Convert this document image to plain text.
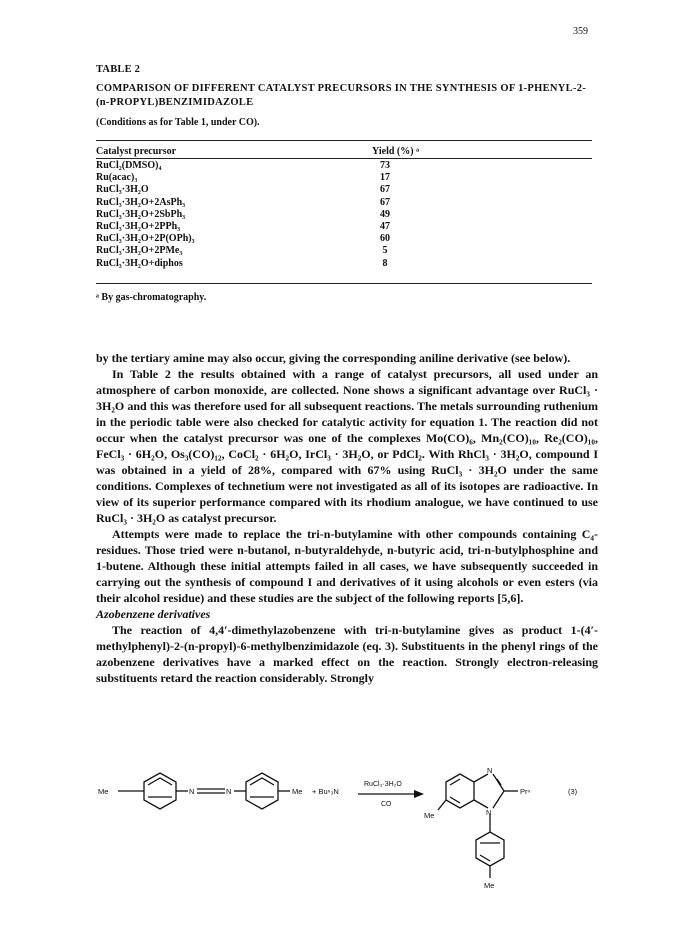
359
TABLE 2
COMPARISON OF DIFFERENT CATALYST PRECURSORS IN THE SYNTHESIS OF 1-PHENYL-2-(n-PROPYL)BENZIMIDAZOLE
(Conditions as for Table 1, under CO).
Catalyst precursor	Yield (%) ᵃ
RuCl₂(DMSO)₄	73
Ru(acac)₃	17
RuCl₃·3H₂O	67
RuCl₃·3H₂O+2AsPh₃	67
RuCl₃·3H₂O+2SbPh₃	49
RuCl₃·3H₂O+2PPh₃	47
RuCl₃·3H₂O+2P(OPh)₃	60
RuCl₃·3H₂O+2PMe₃	5
RuCl₃·3H₂O+diphos	8
ᵃ By gas-chromatography.

by the tertiary amine may also occur, giving the corresponding aniline derivative (see below).

In Table 2 the results obtained with a range of catalyst precursors, all used under an atmosphere of carbon monoxide, are collected. None shows a significant advantage over RuCl₃ · 3H₂O and this was therefore used for all subsequent reactions. The metals surrounding ruthenium in the periodic table were also checked for catalytic activity for equation 1. The reaction did not occur when the catalyst precursor was one of the complexes Mo(CO)₆, Mn₂(CO)₁₀, Re₂(CO)₁₀, FeCl₃ · 6H₂O, Os₃(CO)₁₂, CoCl₂ · 6H₂O, IrCl₃ · 3H₂O, or PdCl₂. With RhCl₃ · 3H₂O, compound I was obtained in a yield of 28%, compared with 67% using RuCl₃ · 3H₂O under the same conditions. Complexes of technetium were not investigated as all of its isotopes are radioactive. In view of its superior performance compared with its rhodium analogue, we have continued to use RuCl₃ · 3H₂O as catalyst precursor.

Attempts were made to replace the tri-n-butylamine with other compounds containing C₄-residues. Those tried were n-butanol, n-butyraldehyde, n-butyric acid, tri-n-butylphosphine and 1-butene. Although these initial attempts failed in all cases, we have subsequently succeeded in carrying out the synthesis of compound I and derivatives of it using alcohols or even esters (via their alcohol residue) and these studies are the subject of the following reports [5,6].

Azobenzene derivatives

The reaction of 4,4′-dimethylazobenzene with tri-n-butylamine gives as product 1-(4′-methylphenyl)-2-(n-propyl)-6-methylbenzimidazole (eq. 3). Substituents in the phenyl rings of the azobenzene derivatives have a marked effect on the reaction. Strongly electron-releasing substituents retard the reaction considerably. Strongly

Me	N	N	Me + Buⁿ₃N
RuCl₃·3H₂O
CO
N
N
Prⁿ
Me
Me
(3)
